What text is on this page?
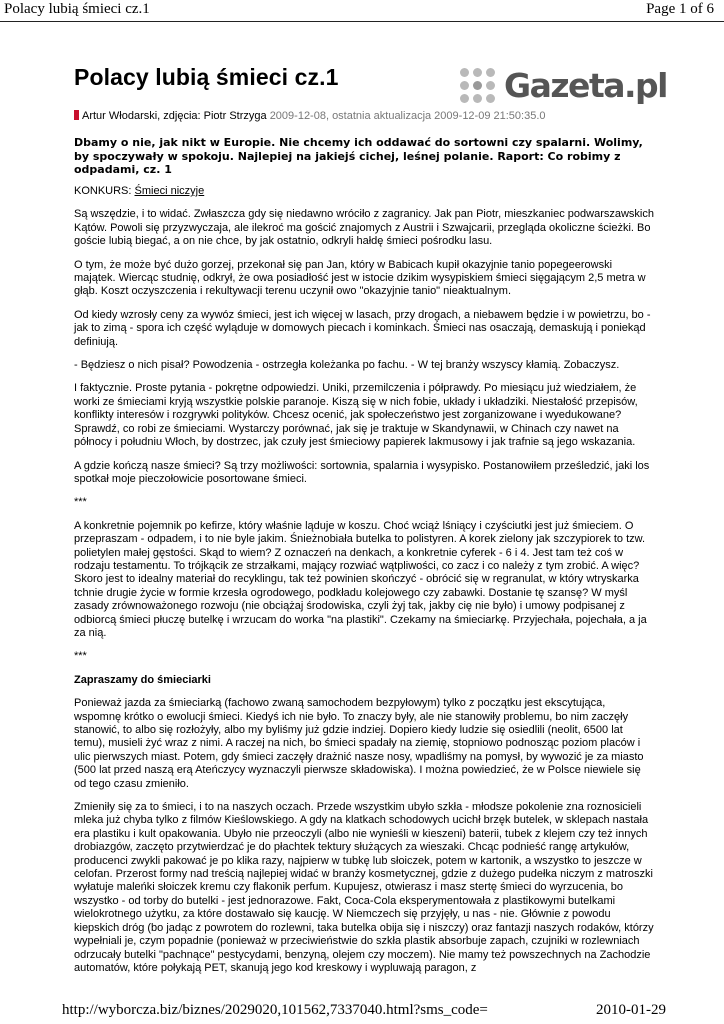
Polacy lubią śmieci cz.1	Page 1 of 6
Polacy lubią śmieci cz.1	Gazeta.pl
Artur Włodarski, zdjęcia: Piotr Strzyga 2009-12-08, ostatnia aktualizacja 2009-12-09 21:50:35.0

Dbamy o nie, jak nikt w Europie. Nie chcemy ich oddawać do sortowni czy spalarni. Wolimy, by spoczywały w spokoju. Najlepiej na jakiejś cichej, leśnej polanie. Raport: Co robimy z odpadami, cz. 1

KONKURS: Śmieci niczyje

Są wszędzie, i to widać. Zwłaszcza gdy się niedawno wróciło z zagranicy. Jak pan Piotr, mieszkaniec podwarszawskich Kątów. Powoli się przyzwyczaja, ale ilekroć ma gościć znajomych z Austrii i Szwajcarii, przegląda okoliczne ścieżki. Bo goście lubią biegać, a on nie chce, by jak ostatnio, odkryli hałdę śmieci pośrodku lasu.

O tym, że może być dużo gorzej, przekonał się pan Jan, który w Babicach kupił okazyjnie tanio popegeerowski majątek. Wiercąc studnię, odkrył, że owa posiadłość jest w istocie dzikim wysypiskiem śmieci sięgającym 2,5 metra w głąb. Koszt oczyszczenia i rekultywacji terenu uczynił owo "okazyjnie tanio" nieaktualnym.

Od kiedy wzrosły ceny za wywóz śmieci, jest ich więcej w lasach, przy drogach, a niebawem będzie i w powietrzu, bo - jak to zimą - spora ich część wyląduje w domowych piecach i kominkach. Śmieci nas osaczają, demaskują i poniekąd definiują.

- Będziesz o nich pisał? Powodzenia - ostrzegła koleżanka po fachu. - W tej branży wszyscy kłamią. Zobaczysz.

I faktycznie. Proste pytania - pokrętne odpowiedzi. Uniki, przemilczenia i półprawdy. Po miesiącu już wiedziałem, że worki ze śmieciami kryją wszystkie polskie paranoje. Kiszą się w nich fobie, układy i układziki. Niestałość przepisów, konflikty interesów i rozgrywki polityków. Chcesz ocenić, jak społeczeństwo jest zorganizowane i wyedukowane? Sprawdź, co robi ze śmieciami. Wystarczy porównać, jak się je traktuje w Skandynawii, w Chinach czy nawet na północy i południu Włoch, by dostrzec, jak czuły jest śmieciowy papierek lakmusowy i jak trafnie są jego wskazania.

A gdzie kończą nasze śmieci? Są trzy możliwości: sortownia, spalarnia i wysypisko. Postanowiłem prześledzić, jaki los spotkał moje pieczołowicie posortowane śmieci.

***

A konkretnie pojemnik po kefirze, który właśnie ląduje w koszu. Choć wciąż lśniący i czyściutki jest już śmieciem. O przepraszam - odpadem, i to nie byle jakim. Śnieżnobiała butelka to polistyren. A korek zielony jak szczypiorek to tzw. polietylen małej gęstości. Skąd to wiem? Z oznaczeń na denkach, a konkretnie cyferek - 6 i 4. Jest tam też coś w rodzaju testamentu. To trójkącik ze strzałkami, mający rozwiać wątpliwości, co zacz i co należy z tym zrobić. A więc? Skoro jest to idealny materiał do recyklingu, tak też powinien skończyć - obrócić się w regranulat, w który wtryskarka tchnie drugie życie w formie krzesła ogrodowego, podkładu kolejowego czy zabawki. Dostanie tę szansę? W myśl zasady zrównoważonego rozwoju (nie obciążaj środowiska, czyli żyj tak, jakby cię nie było) i umowy podpisanej z odbiorcą śmieci płuczę butelkę i wrzucam do worka "na plastiki". Czekamy na śmieciarkę. Przyjechała, pojechała, a ja za nią.

***

Zapraszamy do śmieciarki

Ponieważ jazda za śmieciarką (fachowo zwaną samochodem bezpyłowym) tylko z początku jest ekscytująca, wspomnę krótko o ewolucji śmieci. Kiedyś ich nie było. To znaczy były, ale nie stanowiły problemu, bo nim zaczęły stanowić, to albo się rozłożyły, albo my byliśmy już gdzie indziej. Dopiero kiedy ludzie się osiedlili (neolit, 6500 lat temu), musieli żyć wraz z nimi. A raczej na nich, bo śmieci spadały na ziemię, stopniowo podnosząc poziom placów i ulic pierwszych miast. Potem, gdy śmieci zaczęły drażnić nasze nosy, wpadliśmy na pomysł, by wywozić je za miasto (500 lat przed naszą erą Ateńczycy wyznaczyli pierwsze składowiska). I można powiedzieć, że w Polsce niewiele się od tego czasu zmieniło.

Zmieniły się za to śmieci, i to na naszych oczach. Przede wszystkim ubyło szkła - młodsze pokolenie zna roznosicieli mleka już chyba tylko z filmów Kieślowskiego. A gdy na klatkach schodowych ucichł brzęk butelek, w sklepach nastała era plastiku i kult opakowania. Ubyło nie przeoczyli (albo nie wynieśli w kieszeni) baterii, tubek z klejem czy też innych drobiazgów, zaczęto przytwierdzać je do płachtek tektury służących za wieszaki. Chcąc podnieść rangę artykułów, producenci zwykli pakować je po klika razy, najpierw w tubkę lub słoiczek, potem w kartonik, a wszystko to jeszcze w celofan. Przerost formy nad treścią najlepiej widać w branży kosmetycznej, gdzie z dużego pudełka niczym z matroszki wyłatuje maleńki słoiczek kremu czy flakonik perfum. Kupujesz, otwierasz i masz stertę śmieci do wyrzucenia, bo wszystko - od torby do butelki - jest jednorazowe. Fakt, Coca-Cola eksperymentowała z plastikowymi butelkami wielokrotnego użytku, za które dostawało się kaucję. W Niemczech się przyjęły, u nas - nie. Głównie z powodu kiepskich dróg (bo jadąc z powrotem do rozlewni, taka butelka obija się i niszczy) oraz fantazji naszych rodaków, którzy wypełniali je, czym popadnie (ponieważ w przeciwieństwie do szkła plastik absorbuje zapach, czujniki w rozlewniach odrzucały butelki "pachnące" pestycydami, benzyną, olejem czy moczem). Nie mamy też powszechnych na Zachodzie automatów, które połykają PET, skanują jego kod kreskowy i wypluwają paragon, z

http://wyborcza.biz/biznes/2029020,101562,7337040.html?sms_code=	2010-01-29
